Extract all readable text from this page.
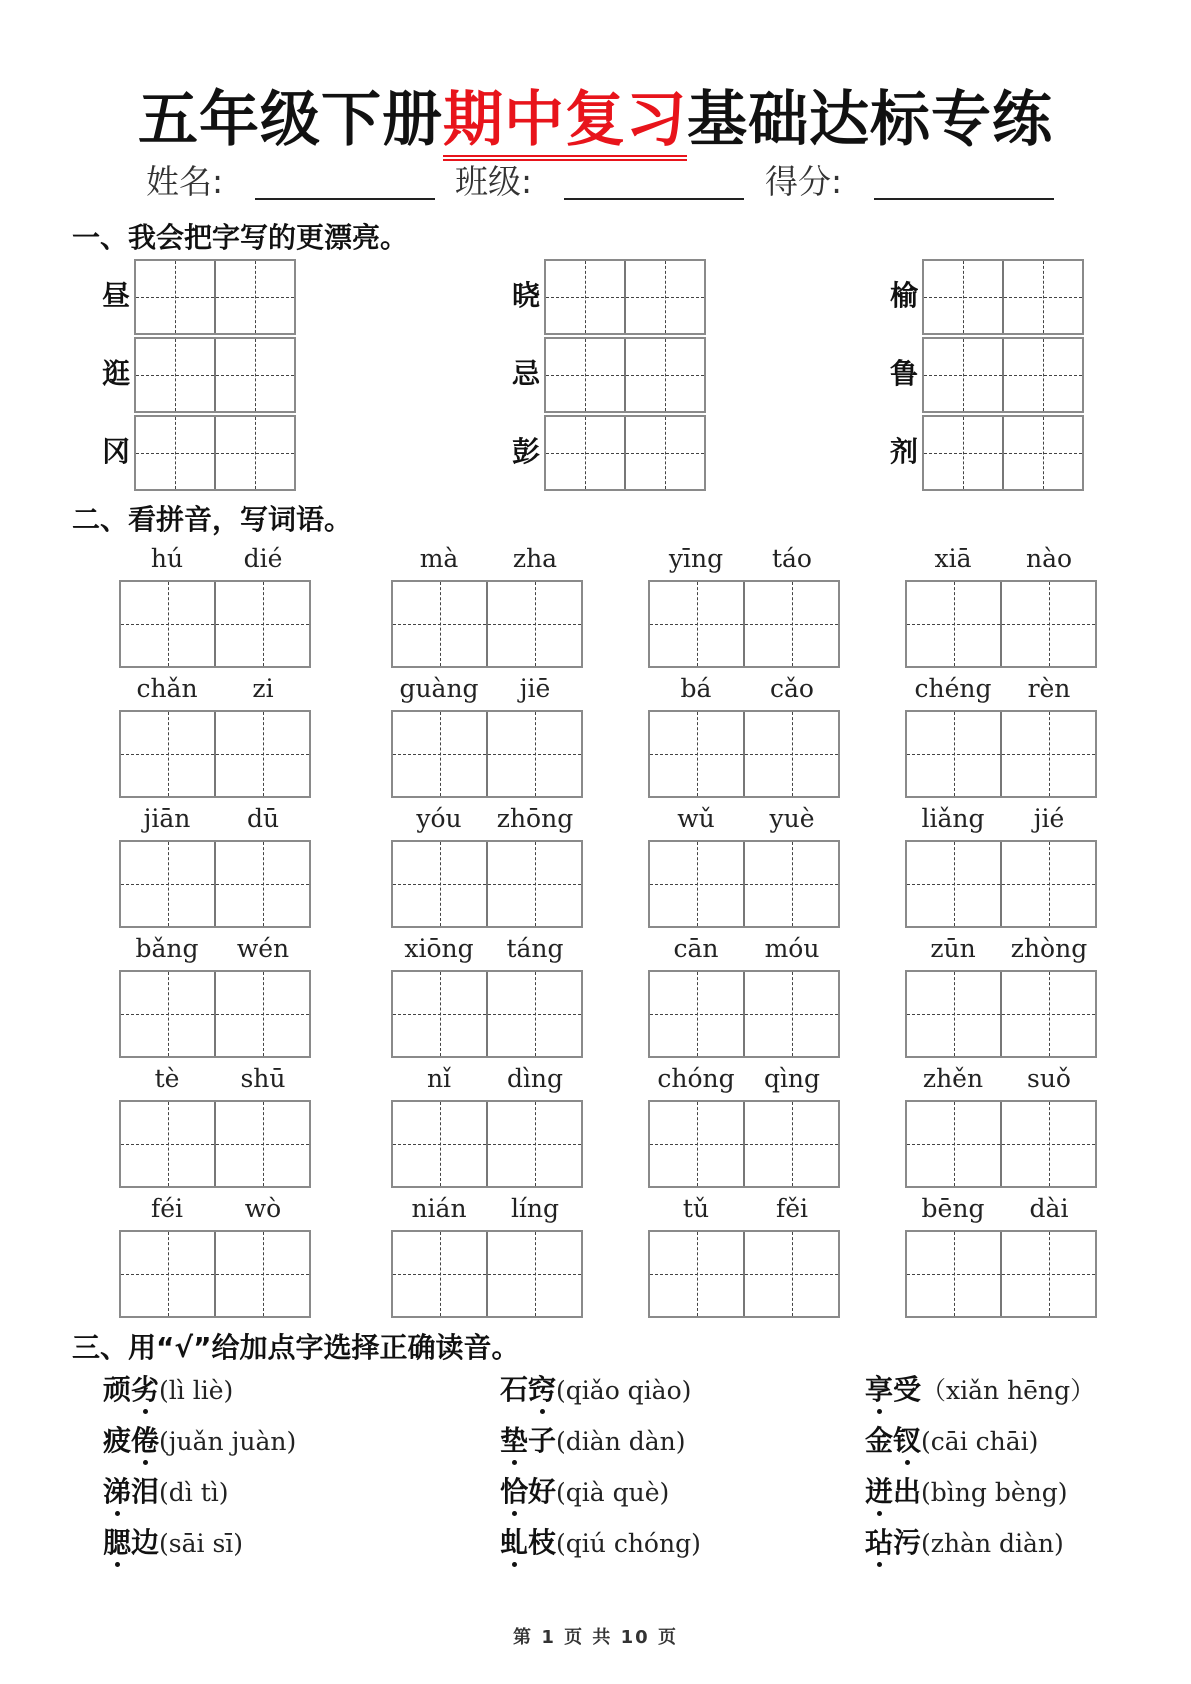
五年级下册期中复习基础达标专练
姓名:	班级:	得分:
一、我会把字写的更漂亮。
昼
逛
冈
晓
忌
彭
榆
鲁
剂
二、看拼音，写词语。
hú	dié	mà	zha	yīng	táo	xiā	nào
chǎn	zi	guàng	jiē	bá	cǎo	chéng	rèn
jiān	dū	yóu	zhōng	wǔ	yuè	liǎng	jié
bǎng	wén	xiōng	táng	cān	móu	zūn	zhòng
tè	shū	nǐ	dìng	chóng	qìng	zhěn	suǒ
féi	wò	nián	líng	tǔ	fěi	bēng	dài
三、用“√”给加点字选择正确读音。
顽劣(lì liè)
疲倦(juǎn juàn)
涕泪(dì tì)
腮边(sāi sī)
石窍(qiǎo qiào)
垫子(diàn dàn)
恰好(qià què)
虬枝(qiú chóng)
享受（xiǎn hēng）
金钗(cāi chāi)
迸出(bìng bèng)
玷污(zhàn diàn)
第 1 页 共 10 页
